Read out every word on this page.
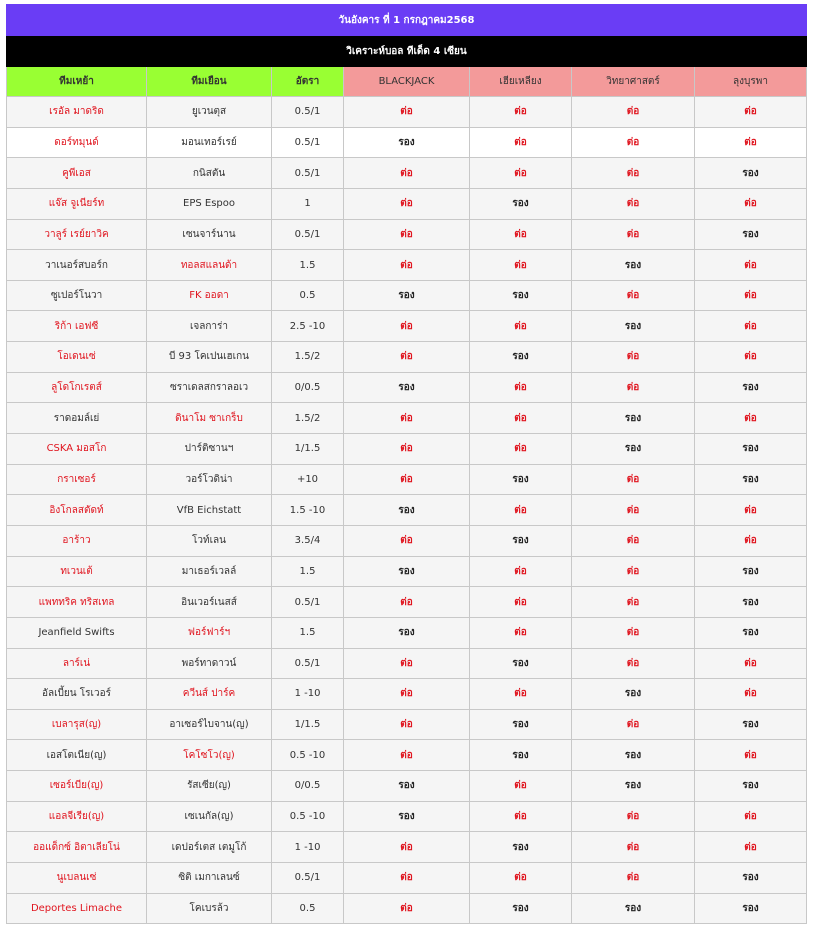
วันอังคาร ที่ 1 กรกฎาคม2568						
วิเคราะห์บอล ทีเด็ด 4 เซียน						
ทีมเหย้า	ทีมเยือน	อัตรา	BLACKJACK	เฮียเหลียง	วิทยาศาสตร์	ลุงบุรพา
เรอัล มาดริด	ยูเวนตุส	0.5/1	ต่อ	ต่อ	ต่อ	ต่อ
ดอร์ทมุนด์	มอนเทอร์เรย์	0.5/1	รอง	ต่อ	ต่อ	ต่อ
คูพีเอส	กนิสตัน	0.5/1	ต่อ	ต่อ	ต่อ	รอง
แจ๊ส จูเนียร์ท	EPS Espoo	1	ต่อ	รอง	ต่อ	ต่อ
วาลูร์ เรย์ยาวิค	เซนจาร์นาน	0.5/1	ต่อ	ต่อ	ต่อ	รอง
วาเนอร์สบอร์ก	ทอลสแลนด้า	1.5	ต่อ	ต่อ	รอง	ต่อ
ซูเปอร์โนวา	FK ออดา	0.5	รอง	รอง	ต่อ	ต่อ
ริก้า เอฟซี	เจลการ่า	2.5 -10	ต่อ	ต่อ	รอง	ต่อ
โอเดนเซ่	บี 93 โคเปนเฮเกน	1.5/2	ต่อ	รอง	ต่อ	ต่อ
ลูโดโกเรตส์	ซราเดลสกราลอเว	0/0.5	รอง	ต่อ	ต่อ	รอง
ราดอมล์เย่	ดินาโม ซาเกร็บ	1.5/2	ต่อ	ต่อ	รอง	ต่อ
CSKA มอสโก	ปาร์ติซานฯ	1/1.5	ต่อ	ต่อ	รอง	รอง
กราเซอร์	วอร์โวดิน่า	+10	ต่อ	รอง	ต่อ	รอง
อิงโกลสตัดท์	VfB Eichstatt	1.5 -10	รอง	ต่อ	ต่อ	ต่อ
อาร้าว	โวท์เลน	3.5/4	ต่อ	รอง	ต่อ	ต่อ
ทเวนเต้	มาเธอร์เวลล์	1.5	รอง	ต่อ	ต่อ	รอง
แพททริค ทริสเทล	อินเวอร์เนสส์	0.5/1	ต่อ	ต่อ	ต่อ	รอง
Jeanfield Swifts	ฟอร์ฟาร์ฯ	1.5	รอง	ต่อ	ต่อ	รอง
ลาร์เน่	พอร์ทาดาวน์	0.5/1	ต่อ	รอง	ต่อ	ต่อ
อัลเบี้ยน โรเวอร์	ควีนส์ ปาร์ค	1 -10	ต่อ	ต่อ	รอง	ต่อ
เบลารุส(ญ)	อาเซอร์ไบจาน(ญ)	1/1.5	ต่อ	รอง	ต่อ	รอง
เอสโตเนีย(ญ)	โคโซโว(ญ)	0.5 -10	ต่อ	รอง	รอง	ต่อ
เซอร์เบีย(ญ)	รัสเซีย(ญ)	0/0.5	รอง	ต่อ	รอง	รอง
แอลจีเรีย(ญ)	เซเนกัล(ญ)	0.5 -10	รอง	ต่อ	ต่อ	ต่อ
ออแด็กซ์ อิตาเลียโน่	เดปอร์เตส เตมูโก้	1 -10	ต่อ	รอง	ต่อ	ต่อ
นูเบลนเซ่	ซิติ เมกาเลนซ์	0.5/1	ต่อ	ต่อ	ต่อ	รอง
Deportes Limache	โคเบรล้ว	0.5	ต่อ	รอง	รอง	รอง
